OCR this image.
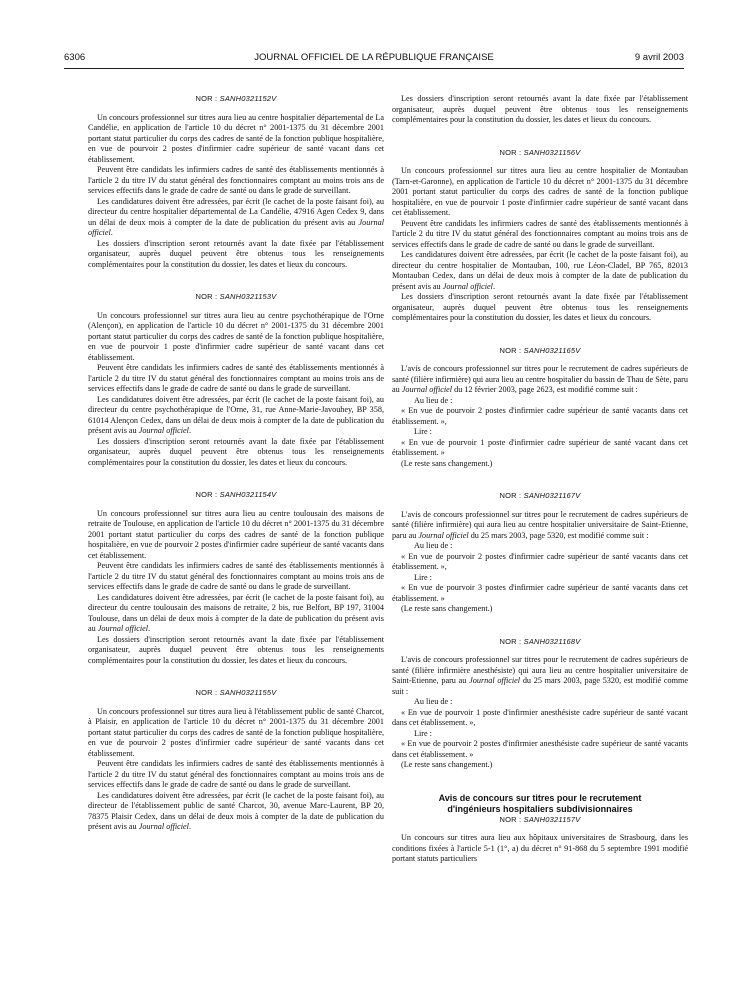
6306	JOURNAL OFFICIEL DE LA RÉPUBLIQUE FRANÇAISE	9 avril 2003
NOR : SANH0321152V

Un concours professionnel sur titres aura lieu au centre hospitalier départemental de La Candélie, en application de l'article 10 du décret n° 2001-1375 du 31 décembre 2001 portant statut particulier du corps des cadres de santé de la fonction publique hospitalière, en vue de pourvoir 2 postes d'infirmier cadre supérieur de santé vacant dans cet établissement.

Peuvent être candidats les infirmiers cadres de santé des établissements mentionnés à l'article 2 du titre IV du statut général des fonctionnaires comptant au moins trois ans de services effectifs dans le grade de cadre de santé ou dans le grade de surveillant.

Les candidatures doivent être adressées, par écrit (le cachet de la poste faisant foi), au directeur du centre hospitalier départemental de La Candélie, 47916 Agen Cedex 9, dans un délai de deux mois à compter de la date de publication du présent avis au Journal officiel.

Les dossiers d'inscription seront retournés avant la date fixée par l'établissement organisateur, auprès duquel peuvent être obtenus tous les renseignements complémentaires pour la constitution du dossier, les dates et lieux du concours.

NOR : SANH0321153V

Un concours professionnel sur titres aura lieu au centre psychothérapique de l'Orne (Alençon), en application de l'article 10 du décret n° 2001-1375 du 31 décembre 2001 portant statut particulier du corps des cadres de santé de la fonction publique hospitalière, en vue de pourvoir 1 poste d'infirmier cadre supérieur de santé vacant dans cet établissement.

Peuvent être candidats les infirmiers cadres de santé des établissements mentionnés à l'article 2 du titre IV du statut général des fonctionnaires comptant au moins trois ans de services effectifs dans le grade de cadre de santé ou dans le grade de surveillant.

Les candidatures doivent être adressées, par écrit (le cachet de la poste faisant foi), au directeur du centre psychothérapique de l'Orne, 31, rue Anne-Marie-Javouhey, BP 358, 61014 Alençon Cedex, dans un délai de deux mois à compter de la date de publication du présent avis au Journal officiel.

Les dossiers d'inscription seront retournés avant la date fixée par l'établissement organisateur, auprès duquel peuvent être obtenus tous les renseignements complémentaires pour la constitution du dossier, les dates et lieux du concours.

NOR : SANH0321154V

Un concours professionnel sur titres aura lieu au centre toulousain des maisons de retraite de Toulouse, en application de l'article 10 du décret n° 2001-1375 du 31 décembre 2001 portant statut particulier du corps des cadres de santé de la fonction publique hospitalière, en vue de pourvoir 2 postes d'infirmier cadre supérieur de santé vacants dans cet établissement.

Peuvent être candidats les infirmiers cadres de santé des établissements mentionnés à l'article 2 du titre IV du statut général des fonctionnaires comptant au moins trois ans de services effectifs dans le grade de cadre de santé ou dans le grade de surveillant.

Les candidatures doivent être adressées, par écrit (le cachet de la poste faisant foi), au directeur du centre toulousain des maisons de retraite, 2 bis, rue Belfort, BP 197, 31004 Toulouse, dans un délai de deux mois à compter de la date de publication du présent avis au Journal officiel.

Les dossiers d'inscription seront retournés avant la date fixée par l'établissement organisateur, auprès duquel peuvent être obtenus tous les renseignements complémentaires pour la constitution du dossier, les dates et lieux du concours.

NOR : SANH0321155V

Un concours professionnel sur titres aura lieu à l'établissement public de santé Charcot, à Plaisir, en application de l'article 10 du décret n° 2001-1375 du 31 décembre 2001 portant statut particulier du corps des cadres de santé de la fonction publique hospitalière, en vue de pourvoir 2 postes d'infirmier cadre supérieur de santé vacants dans cet établissement.

Peuvent être candidats les infirmiers cadres de santé des établissements mentionnés à l'article 2 du titre IV du statut général des fonctionnaires comptant au moins trois ans de services effectifs dans le grade de cadre de santé ou dans le grade de surveillant.

Les candidatures doivent être adressées, par écrit (le cachet de la poste faisant foi), au directeur de l'établissement public de santé Charcot, 30, avenue Marc-Laurent, BP 20, 78375 Plaisir Cedex, dans un délai de deux mois à compter de la date de publication du présent avis au Journal officiel.

Les dossiers d'inscription seront retournés avant la date fixée par l'établissement organisateur, auprès duquel peuvent être obtenus tous les renseignements complémentaires pour la constitution du dossier, les dates et lieux du concours.

NOR : SANH0321156V

Un concours professionnel sur titres aura lieu au centre hospitalier de Montauban (Tarn-et-Garonne), en application de l'article 10 du décret n° 2001-1375 du 31 décembre 2001 portant statut particulier du corps des cadres de santé de la fonction publique hospitalière, en vue de pourvoir 1 poste d'infirmier cadre supérieur de santé vacant dans cet établissement.

Peuvent être candidats les infirmiers cadres de santé des établissements mentionnés à l'article 2 du titre IV du statut général des fonctionnaires comptant au moins trois ans de services effectifs dans le grade de cadre de santé ou dans le grade de surveillant.

Les candidatures doivent être adressées, par écrit (le cachet de la poste faisant foi), au directeur du centre hospitalier de Montauban, 100, rue Léon-Cladel, BP 765, 82013 Montauban Cedex, dans un délai de deux mois à compter de la date de publication du présent avis au Journal officiel.

Les dossiers d'inscription seront retournés avant la date fixée par l'établissement organisateur, auprès duquel peuvent être obtenus tous les renseignements complémentaires pour la constitution du dossier, les dates et lieux du concours.

NOR : SANH0321165V

L'avis de concours professionnel sur titres pour le recrutement de cadres supérieurs de santé (filière infirmière) qui aura lieu au centre hospitalier du bassin de Thau de Sète, paru au Journal officiel du 12 février 2003, page 2623, est modifié comme suit :

Au lieu de :

« En vue de pourvoir 2 postes d'infirmier cadre supérieur de santé vacants dans cet établissement. »,

Lire :

« En vue de pourvoir 1 poste d'infirmier cadre supérieur de santé vacant dans cet établissement. »

(Le reste sans changement.)

NOR : SANH0321167V

L'avis de concours professionnel sur titres pour le recrutement de cadres supérieurs de santé (filière infirmière) qui aura lieu au centre hospitalier universitaire de Saint-Etienne, paru au Journal officiel du 25 mars 2003, page 5320, est modifié comme suit :

Au lieu de :

« En vue de pourvoir 2 postes d'infirmier cadre supérieur de santé vacants dans cet établissement. »,

Lire :

« En vue de pourvoir 3 postes d'infirmier cadre supérieur de santé vacants dans cet établissement. »

(Le reste sans changement.)

NOR : SANH0321168V

L'avis de concours professionnel sur titres pour le recrutement de cadres supérieurs de santé (filière infirmière anesthésiste) qui aura lieu au centre hospitalier universitaire de Saint-Etienne, paru au Journal officiel du 25 mars 2003, page 5320, est modifié comme suit :

Au lieu de :

« En vue de pourvoir 1 poste d'infirmier anesthésiste cadre supérieur de santé vacant dans cet établissement. »,

Lire :

« En vue de pourvoir 2 postes d'infirmier anesthésiste cadre supérieur de santé vacants dans cet établissement. »

(Le reste sans changement.)

Avis de concours sur titres pour le recrutement
d'ingénieurs hospitaliers subdivisionnaires
NOR : SANH0321157V

Un concours sur titres aura lieu aux hôpitaux universitaires de Strasbourg, dans les conditions fixées à l'article 5-1 (1°, a) du décret n° 91-868 du 5 septembre 1991 modifié portant statuts particuliers
